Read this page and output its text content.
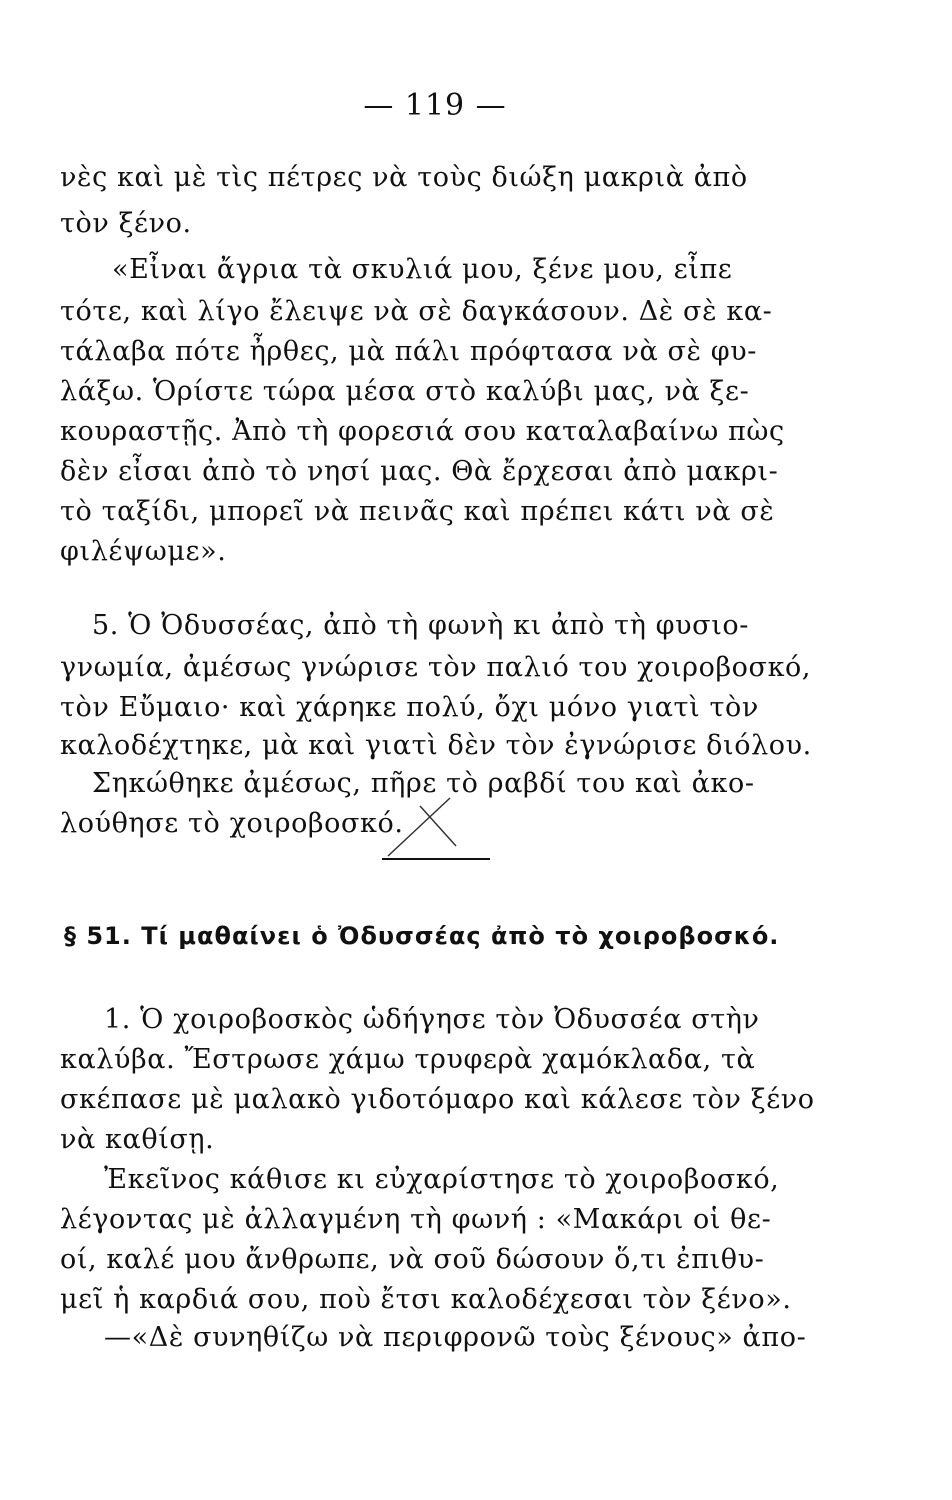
— 119 —
νὲς καὶ μὲ τὶς πέτρες νὰ τοὺς διώξη μακριὰ ἀπὸ
τὸν ξένο.
«Εἶναι ἄγρια τὰ σκυλιά μου, ξένε μου, εἶπε
τότε, καὶ λίγο ἔλειψε νὰ σὲ δαγκάσουν. Δὲ σὲ κα-
τάλαβα πότε ἦρθες, μὰ πάλι πρόφτασα νὰ σὲ φυ-
λάξω. Ὁρίστε τώρα μέσα στὸ καλύβι μας, νὰ ξε-
κουραστῇς. Ἀπὸ τὴ φορεσιά σου καταλαβαίνω πὼς
δὲν εἶσαι ἀπὸ τὸ νησί μας. Θὰ ἔρχεσαι ἀπὸ μακρι-
τὸ ταξίδι, μπορεῖ νὰ πεινᾶς καὶ πρέπει κάτι νὰ σὲ
φιλέψωμε».
5. Ὁ Ὀδυσσέας, ἀπὸ τὴ φωνὴ κι ἀπὸ τὴ φυσιο-
γνωμία, ἀμέσως γνώρισε τὸν παλιό του χοιροβοσκό,
τὸν Εὔμαιο· καὶ χάρηκε πολύ, ὄχι μόνο γιατὶ τὸν
καλοδέχτηκε, μὰ καὶ γιατὶ δὲν τὸν ἐγνώρισε διόλου.
Σηκώθηκε ἀμέσως, πῆρε τὸ ραβδί του καὶ ἀκο-
λούθησε τὸ χοιροβοσκό.
§ 51. Τί μαθαίνει ὁ Ὀδυσσέας ἀπὸ τὸ χοιροβοσκό.
1. Ὁ χοιροβοσκὸς ὡδήγησε τὸν Ὀδυσσέα στὴν
καλύβα. Ἔστρωσε χάμω τρυφερὰ χαμόκλαδα, τὰ
σκέπασε μὲ μαλακὸ γιδοτόμαρο καὶ κάλεσε τὸν ξένο
νὰ καθίσῃ.
Ἐκεῖνος κάθισε κι εὐχαρίστησε τὸ χοιροβοσκό,
λέγοντας μὲ ἀλλαγμένη τὴ φωνή : «Μακάρι οἱ θε-
οί, καλέ μου ἄνθρωπε, νὰ σοῦ δώσουν ὅ,τι ἐπιθυ-
μεῖ ἡ καρδιά σου, ποὺ ἔτσι καλοδέχεσαι τὸν ξένο».
—«Δὲ συνηθίζω νὰ περιφρονῶ τοὺς ξένους» ἀπο-
